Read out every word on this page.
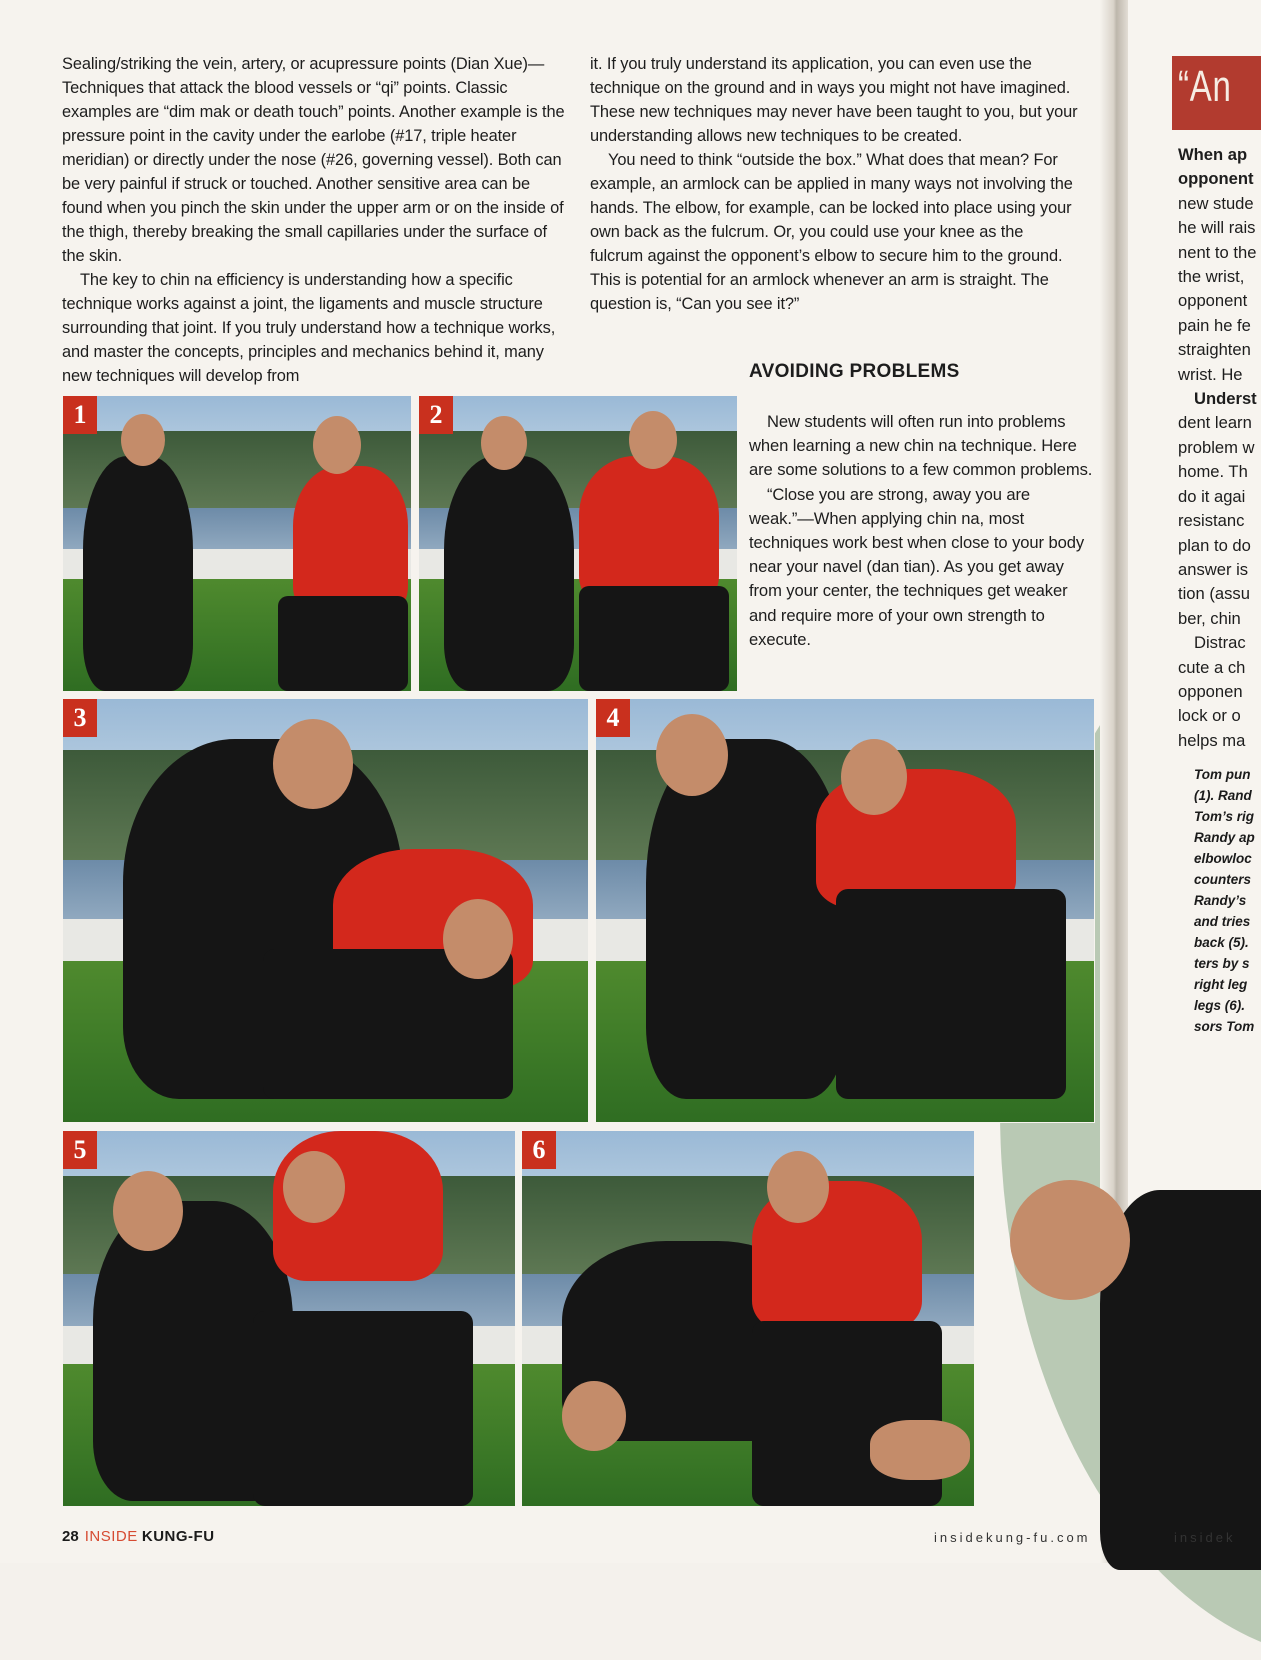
Sealing/striking the vein, artery, or acupressure points (Dian Xue)—Techniques that attack the blood vessels or “qi” points. Classic examples are “dim mak or death touch” points. Another example is the pressure point in the cavity under the earlobe (#17, triple heater meridian) or directly under the nose (#26, governing vessel). Both can be very painful if struck or touched. Another sensitive area can be found when you pinch the skin under the upper arm or on the inside of the thigh, thereby breaking the small capillaries under the surface of the skin.

The key to chin na efficiency is understanding how a specific technique works against a joint, the ligaments and muscle structure surrounding that joint. If you truly understand how a technique works, and master the concepts, principles and mechanics behind it, many new techniques will develop from

it. If you truly understand its application, you can even use the technique on the ground and in ways you might not have imagined. These new techniques may never have been taught to you, but your understanding allows new techniques to be created.

You need to think “outside the box.” What does that mean? For example, an armlock can be applied in many ways not involving the hands. The elbow, for example, can be locked into place using your own back as the fulcrum. Or, you could use your knee as the fulcrum against the opponent’s elbow to secure him to the ground. This is potential for an armlock whenever an arm is straight. The question is, “Can you see it?”

AVOIDING PROBLEMS

New students will often run into problems when learning a new chin na technique. Here are some solutions to a few common problems.

“Close you are strong, away you are weak.”—When applying chin na, most techniques work best when close to your body near your navel (dan tian). As you get away from your center, the techniques get weaker and require more of your own strength to execute.

1	2
3	4
5	6
“An
When ap
opponent
new stude
he will rais
nent to the
the wrist,
opponent
pain he fe
straighten
wrist. He
Underst
dent learn
problem w
home. Th
do it agai
resistanc
plan to do
answer is
tion (assu
ber, chin
Distrac
cute a ch
opponen
lock or o
helps ma
Tom pun
(1). Rand
Tom’s rig
Randy ap
elbowloc
counters
Randy’s
and tries
back (5).
ters by s
right leg
legs (6).
sors Tom
28 INSIDE KUNG-FU	insidekung-fu.com	insidek
